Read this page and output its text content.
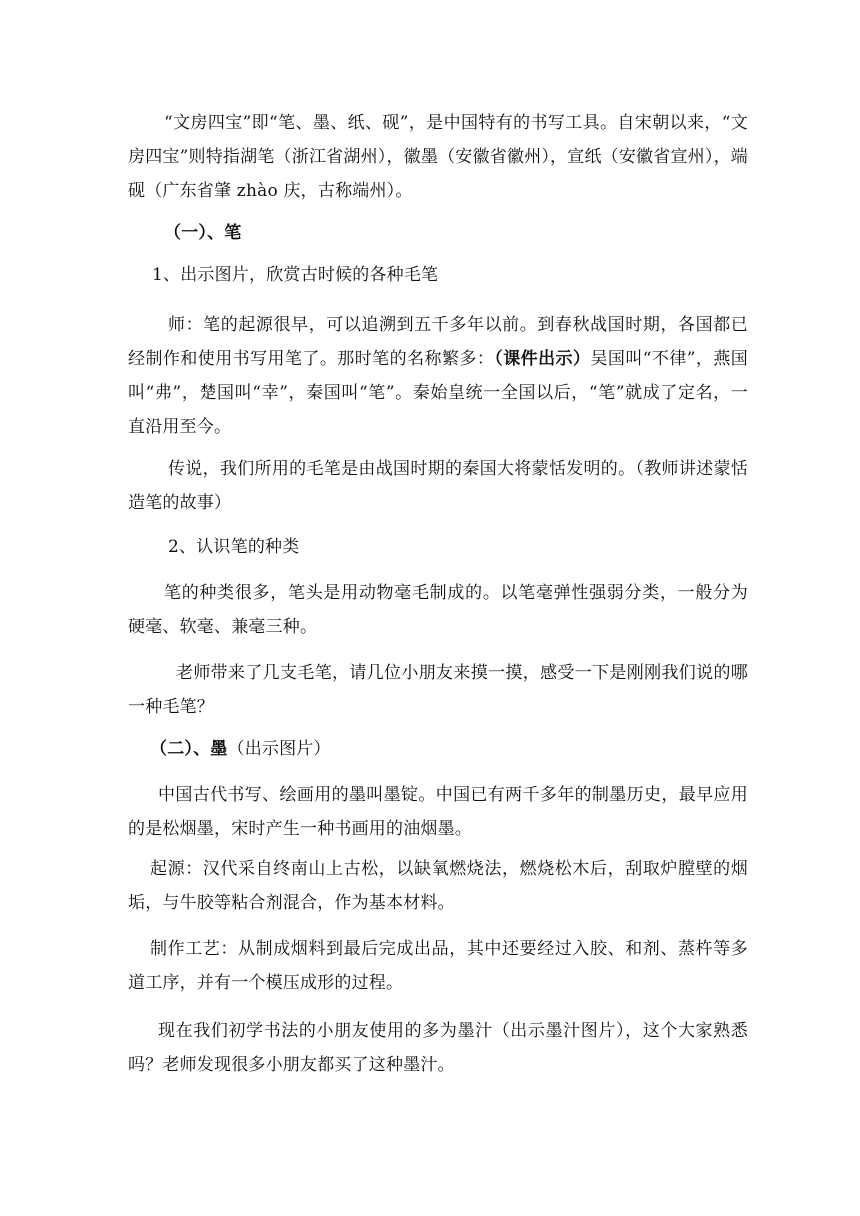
“文房四宝”即“笔、墨、纸、砚”，是中国特有的书写工具。自宋朝以来，“文房四宝”则特指湖笔（浙江省湖州），徽墨（安徽省徽州），宣纸（安徽省宣州），端砚（广东省肇 zhào 庆，古称端州）。

（一）、笔

1、出示图片，欣赏古时候的各种毛笔

师：笔的起源很早，可以追溯到五千多年以前。到春秋战国时期，各国都已经制作和使用书写用笔了。那时笔的名称繁多：（课件出示）吴国叫“不律”，燕国叫“弗”，楚国叫“幸”，秦国叫“笔”。秦始皇统一全国以后，“笔”就成了定名，一直沿用至今。

传说，我们所用的毛笔是由战国时期的秦国大将蒙恬发明的。（教师讲述蒙恬造笔的故事）

2、认识笔的种类

笔的种类很多，笔头是用动物毫毛制成的。以笔毫弹性强弱分类，一般分为硬毫、软毫、兼毫三种。

老师带来了几支毛笔，请几位小朋友来摸一摸，感受一下是刚刚我们说的哪一种毛笔？

（二）、墨（出示图片）

中国古代书写、绘画用的墨叫墨锭。中国已有两千多年的制墨历史，最早应用的是松烟墨，宋时产生一种书画用的油烟墨。

起源：汉代采自终南山上古松，以缺氧燃烧法，燃烧松木后，刮取炉膛壁的烟垢，与牛胶等粘合剂混合，作为基本材料。

制作工艺：从制成烟料到最后完成出品，其中还要经过入胶、和剂、蒸杵等多道工序，并有一个模压成形的过程。

现在我们初学书法的小朋友使用的多为墨汁（出示墨汁图片），这个大家熟悉吗？老师发现很多小朋友都买了这种墨汁。
